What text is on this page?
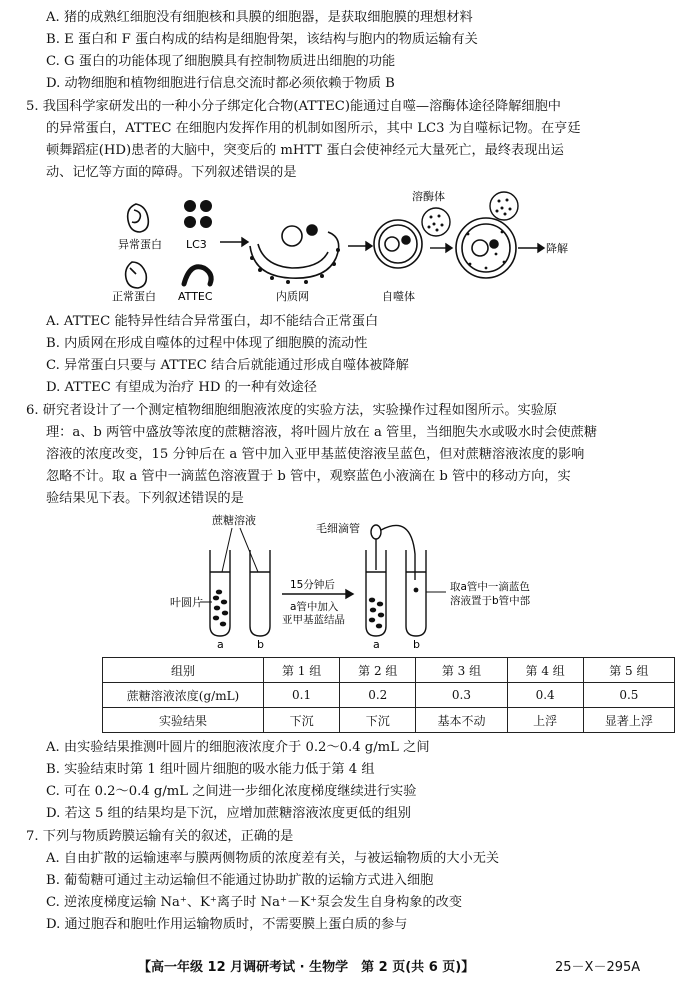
A. 猪的成熟红细胞没有细胞核和具膜的细胞器，是获取细胞膜的理想材料
B. E 蛋白和 F 蛋白构成的结构是细胞骨架，该结构与胞内的物质运输有关
C. G 蛋白的功能体现了细胞膜具有控制物质进出细胞的功能
D. 动物细胞和植物细胞进行信息交流时都必须依赖于物质 B
5. 我国科学家研发出的一种小分子绑定化合物(ATTEC)能通过自噬—溶酶体途径降解细胞中
的异常蛋白，ATTEC 在细胞内发挥作用的机制如图所示，其中 LC3 为自噬标记物。在亨廷
顿舞蹈症(HD)患者的大脑中，突变后的 mHTT 蛋白会使神经元大量死亡，最终表现出运
动、记忆等方面的障碍。下列叙述错误的是
异常蛋白 LC3
正常蛋白 ATTEC	内质网	自噬体
溶酶体
降解
A. ATTEC 能特异性结合异常蛋白，却不能结合正常蛋白
B. 内质网在形成自噬体的过程中体现了细胞膜的流动性
C. 异常蛋白只要与 ATTEC 结合后就能通过形成自噬体被降解
D. ATTEC 有望成为治疗 HD 的一种有效途径
6. 研究者设计了一个测定植物细胞细胞液浓度的实验方法，实验操作过程如图所示。实验原
理：a、b 两管中盛放等浓度的蔗糖溶液，将叶圆片放在 a 管里，当细胞失水或吸水时会使蔗糖
溶液的浓度改变，15 分钟后在 a 管中加入亚甲基蓝使溶液呈蓝色，但对蔗糖溶液浓度的影响
忽略不计。取 a 管中一滴蓝色溶液置于 b 管中，观察蓝色小液滴在 b 管中的移动方向，实
验结果见下表。下列叙述错误的是
蔗糖溶液
叶圆片
a	b
15分钟后
a管中加入
亚甲基蓝结晶
毛细滴管
a	b
取a管中一滴蓝色
溶液置于b管中部
组别	第 1 组	第 2 组	第 3 组	第 4 组	第 5 组
蔗糖溶液浓度(g/mL)	0.1	0.2	0.3	0.4	0.5
实验结果	下沉	下沉	基本不动	上浮	显著上浮
A. 由实验结果推测叶圆片的细胞液浓度介于 0.2～0.4 g/mL 之间
B. 实验结束时第 1 组叶圆片细胞的吸水能力低于第 4 组
C. 可在 0.2～0.4 g/mL 之间进一步细化浓度梯度继续进行实验
D. 若这 5 组的结果均是下沉，应增加蔗糖溶液浓度更低的组别
7. 下列与物质跨膜运输有关的叙述，正确的是
A. 自由扩散的运输速率与膜两侧物质的浓度差有关，与被运输物质的大小无关
B. 葡萄糖可通过主动运输但不能通过协助扩散的运输方式进入细胞
C. 逆浓度梯度运输 Na⁺、K⁺离子时 Na⁺－K⁺泵会发生自身构象的改变
D. 通过胞吞和胞吐作用运输物质时，不需要膜上蛋白质的参与
【高一年级 12 月调研考试 · 生物学　第 2 页(共 6 页)】	25－X－295A
